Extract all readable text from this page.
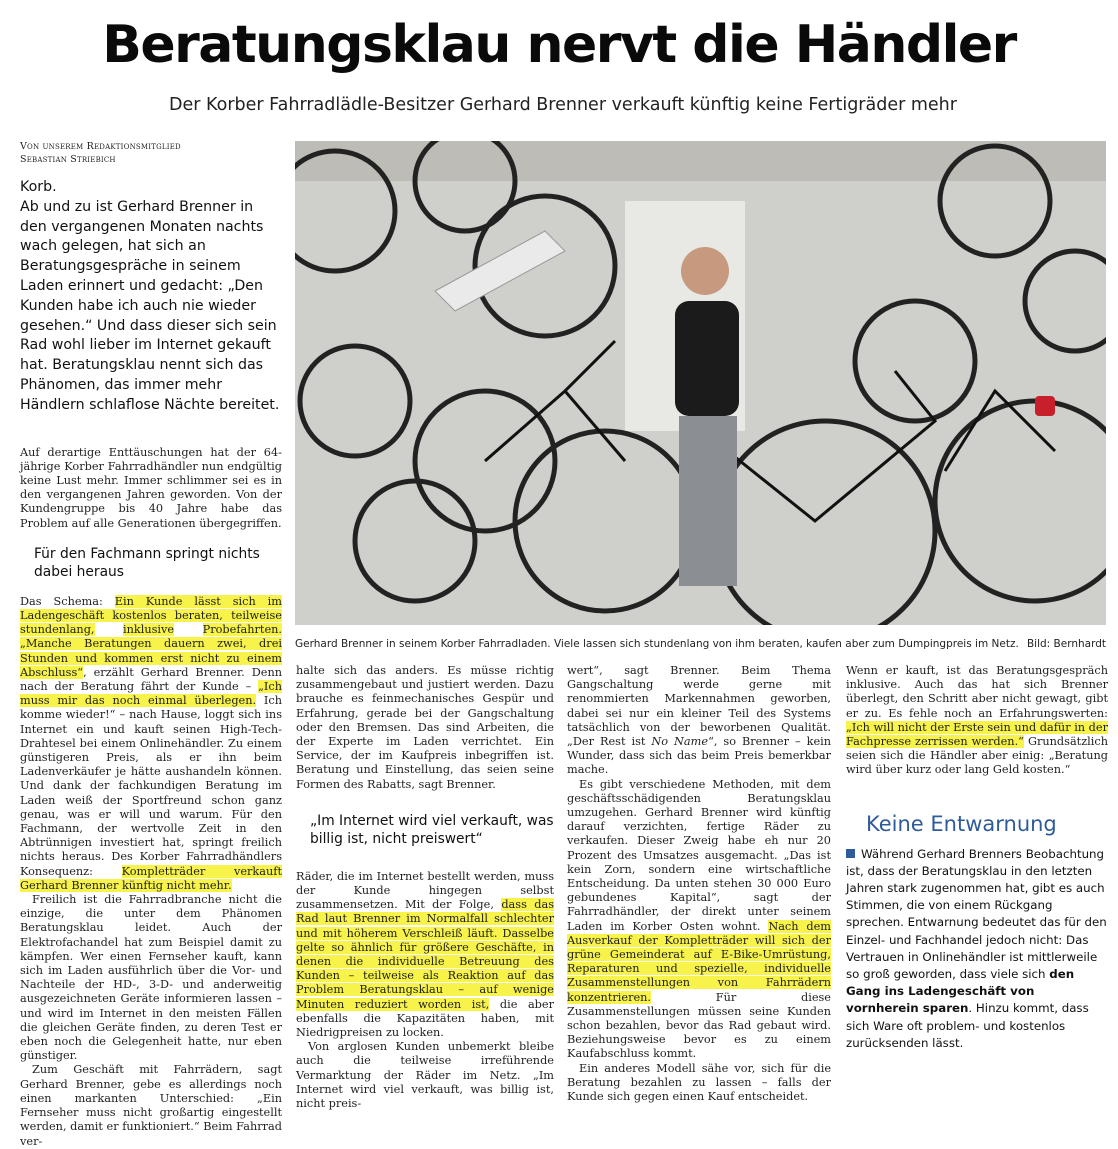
Beratungsklau nervt die Händler
Der Korber Fahrradlädle-Besitzer Gerhard Brenner verkauft künftig keine Fertigräder mehr
Von unserem Redaktionsmitglied
Sebastian Striebich

Korb.

Ab und zu ist Gerhard Brenner in den vergangenen Monaten nachts wach gelegen, hat sich an Beratungsgespräche in seinem Laden erinnert und gedacht: „Den Kunden habe ich auch nie wieder gesehen.“ Und dass dieser sich sein Rad wohl lieber im Internet gekauft hat. Beratungsklau nennt sich das Phänomen, das immer mehr Händlern schlaflose Nächte bereitet.

Auf derartige Enttäuschungen hat der 64-jährige Korber Fahrradhändler nun endgültig keine Lust mehr. Immer schlimmer sei es in den vergangenen Jahren geworden. Von der Kundengruppe bis 40 Jahre habe das Problem auf alle Generationen übergegriffen.

Für den Fachmann springt nichts dabei heraus

Das Schema: Ein Kunde lässt sich im Ladengeschäft kostenlos beraten, teilweise stundenlang,	inklusive	Probefahrten. „Manche Beratungen dauern zwei, drei Stunden und kommen erst nicht zu einem Abschluss“, erzählt Gerhard Brenner. Denn nach der Beratung fährt der Kunde – „Ich muss mir das noch einmal überlegen. Ich komme wieder!“ – nach Hause, loggt sich ins Internet ein und kauft seinen High-Tech-Drahtesel bei einem Onlinehändler. Zu einem günstigeren Preis, als er ihn beim Ladenverkäufer je hätte aushandeln können. Und dank der fachkundigen Beratung im Laden weiß der Sportfreund schon ganz genau, was er will und warum. Für den Fachmann, der wertvolle Zeit in den Abtrünnigen investiert hat, springt freilich nichts heraus. Des Korber Fahrradhändlers Konsequenz: Kompletträder verkauft Gerhard Brenner künftig nicht mehr.

Freilich ist die Fahrradbranche nicht die einzige, die unter dem Phänomen Beratungsklau leidet. Auch der Elektrofachandel hat zum Beispiel damit zu kämpfen. Wer einen Fernseher kauft, kann sich im Laden ausführlich über die Vor- und Nachteile der HD-, 3-D- und anderweitig ausgezeichneten Geräte informieren lassen – und wird im Internet in den meisten Fällen die gleichen Geräte finden, zu deren Test er eben noch die Gelegenheit hatte, nur eben günstiger.

Zum Geschäft mit Fahrrädern, sagt Gerhard Brenner, gebe es allerdings noch einen markanten Unterschied: „Ein Fernseher muss nicht großartig eingestellt werden, damit er funktioniert.“ Beim Fahrrad ver-

Gerhard Brenner in seinem Korber Fahrradladen. Viele lassen sich stundenlang von ihm beraten, kaufen aber zum Dumpingpreis im Netz. Bild: Bernhardt

halte sich das anders. Es müsse richtig zusammengebaut und justiert werden. Dazu brauche es feinmechanisches Gespür und Erfahrung, gerade bei der Gangschaltung oder den Bremsen. Das sind Arbeiten, die der Experte im Laden verrichtet. Ein Service, der im Kaufpreis inbegriffen ist. Beratung und Einstellung, das seien seine Formen des Rabatts, sagt Brenner.

„Im Internet wird viel verkauft, was billig ist, nicht preiswert“

Räder, die im Internet bestellt werden, muss der Kunde hingegen selbst zusammensetzen. Mit der Folge, dass das Rad laut Brenner im Normalfall schlechter und mit höherem Verschleiß läuft. Dasselbe gelte so ähnlich für größere Geschäfte, in denen die individuelle Betreuung des Kunden – teilweise als Reaktion auf das Problem Beratungsklau – auf wenige Minuten reduziert worden ist, die aber ebenfalls die Kapazitäten haben, mit Niedrigpreisen zu locken.

Von arglosen Kunden unbemerkt bleibe auch die teilweise irreführende Vermarktung der Räder im Netz. „Im Internet wird viel verkauft, was billig ist, nicht preis-

wert“, sagt Brenner. Beim Thema Gangschaltung werde gerne mit renommierten Markennahmen geworben, dabei sei nur ein kleiner Teil des Systems tatsächlich von der beworbenen Qualität. „Der Rest ist No Name“, so Brenner – kein Wunder, dass sich das beim Preis bemerkbar mache.

Es gibt verschiedene Methoden, mit dem geschäftsschädigenden Beratungsklau umzugehen. Gerhard Brenner wird künftig darauf verzichten, fertige Räder zu verkaufen. Dieser Zweig habe eh nur 20 Prozent des Umsatzes ausgemacht. „Das ist kein Zorn, sondern eine wirtschaftliche Entscheidung. Da unten stehen 30 000 Euro gebundenes Kapital“, sagt der Fahrradhändler, der direkt unter seinem Laden im Korber Osten wohnt. Nach dem Ausverkauf der Kompletträder will sich der grüne Gemeinderat auf E-Bike-Umrüstung, Reparaturen und spezielle, individuelle Zusammenstellungen von Fahrrädern konzentrieren. Für diese Zusammenstellungen müssen seine Kunden schon bezahlen, bevor das Rad gebaut wird. Beziehungsweise bevor es zu einem Kaufabschluss kommt.

Ein anderes Modell sähe vor, sich für die Beratung bezahlen zu lassen – falls der Kunde sich gegen einen Kauf entscheidet.

Wenn er kauft, ist das Beratungsgespräch inklusive. Auch das hat sich Brenner überlegt, den Schritt aber nicht gewagt, gibt er zu. Es fehle noch an Erfahrungswerten: „Ich will nicht der Erste sein und dafür in der Fachpresse zerrissen werden.“ Grundsätzlich seien sich die Händler aber einig: „Beratung wird über kurz oder lang Geld kosten.“

Keine Entwarnung
Während Gerhard Brenners Beobachtung ist, dass der Beratungsklau in den letzten Jahren stark zugenommen hat, gibt es auch Stimmen, die von einem Rückgang sprechen. Entwarnung bedeutet das für den Einzel- und Fachhandel jedoch nicht: Das Vertrauen in Onlinehändler ist mittlerweile so groß geworden, dass viele sich den Gang ins Ladengeschäft von vornherein sparen. Hinzu kommt, dass sich Ware oft problem- und kostenlos zurücksenden lässt.
